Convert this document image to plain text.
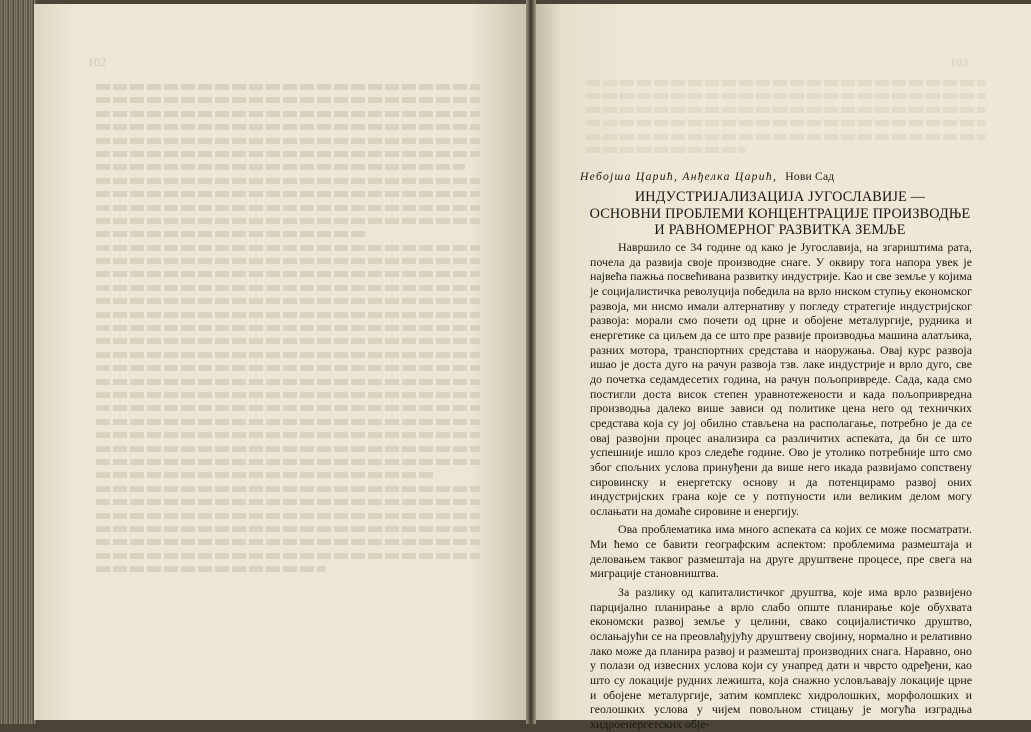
102	103
Небојша Царић, Анђелка Царић, Нови Сад
ИНДУСТРИЈАЛИЗАЦИЈА ЈУГОСЛАВИЈЕ —
ОСНОВНИ ПРОБЛЕМИ КОНЦЕНТРАЦИЈЕ ПРОИЗВОДЊЕ
И РАВНОМЕРНОГ РАЗВИТКА ЗЕМЉЕ

Навршило се 34 године од како је Југославија, на згариштима рата, почела да развија своје производне снаге. У оквиру тога напора увек је највећа пажња посвећивана развитку индустрије. Као и све земље у којима је социјалистичка револуција победила на врло ниском ступњу економског развоја, ми нисмо имали алтернативу у погледу стратегије индустријског развоја: морали смо почети од црне и обојене металургије, рудника и енергетике са циљем да се што пре развије производња машина алатљика, разних мотора, транспортних средстава и наоружања. Овај курс развоја ишао је доста дуго на рачун развоја тзв. лаке индустрије и врло дуго, све до почетка седамдесетих година, на рачун пољопривреде. Сада, када смо постигли доста висок степен уравнотежености и када пољопривредна производња далеко више зависи од политике цена него од техничких средстава која су јој обилно стављена на располагање, потребно је да се овај развојни процес анализира са различитих аспеката, да би се што успешније ишло кроз следеће године. Ово је утолико потребније што смо због спољних услова принуђени да више него икада развијамо сопствену сировинску и енергетску основу и да потенцирамо развој оних индустријских грана које се у потпуности или великим делом могу ослањати на домаће сировине и енергију.

Ова проблематика има много аспеката са којих се може посматрати. Ми ћемо се бавити географским аспектом: проблемима размештаја и деловањем таквог размештаја на друге друштвене процесе, пре свега на миграције становништва.

За разлику од капиталистичког друштва, које има врло развијено парцијално планирање а врло слабо опште планирање које обухвата економски развој земље у целини, свако социјалистичко друштво, ослањајући се на преовлађујућу друштвену својину, нормално и релативно лако може да планира развој и размештај производних снага. Наравно, оно у полази од извесних услова који су унапред дати и чврсто одређени, као што су локације рудних лежишта, која снажно условљавају локације црне и обојене металургије, затим комплекс хидролошких, морфолошких и геолошких услова у чијем повољном стицању је могућа изградња хидроенергетских обје-
